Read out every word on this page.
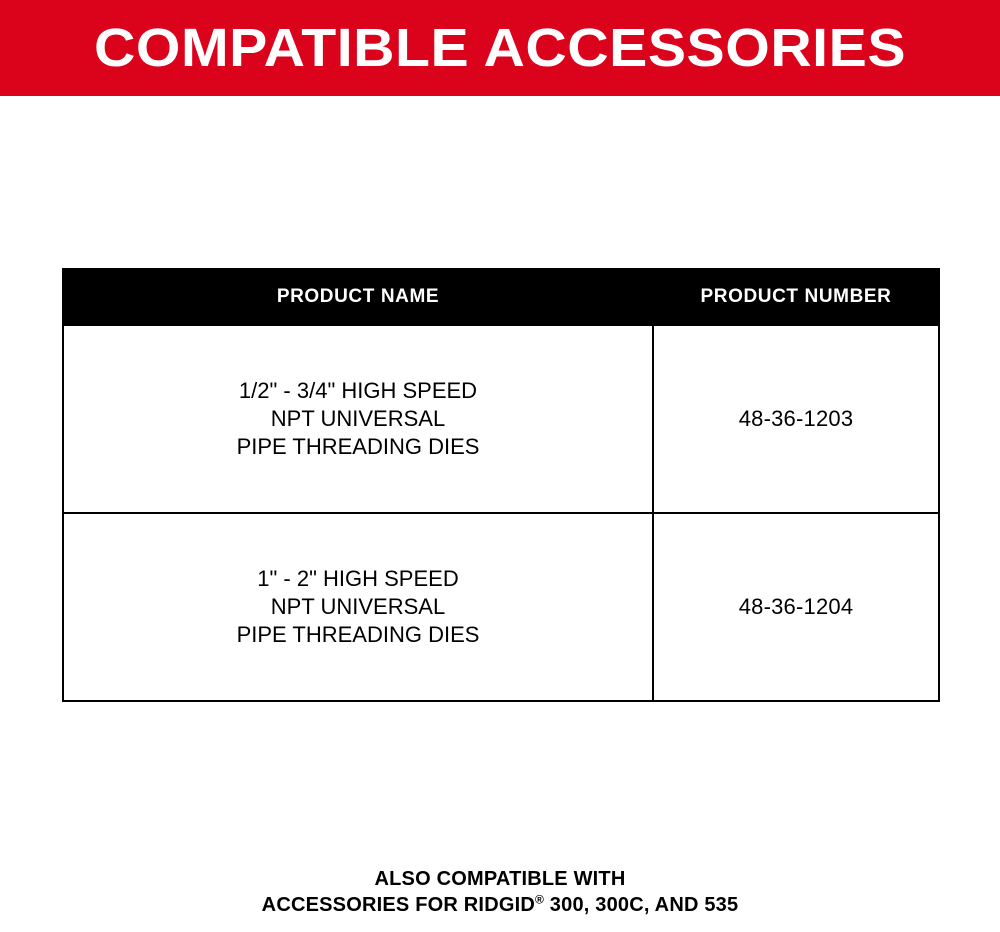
COMPATIBLE ACCESSORIES
PRODUCT NAME	PRODUCT NUMBER

1/2" - 3/4" HIGH SPEED
NPT UNIVERSAL
PIPE THREADING DIES	48-36-1203

1" - 2" HIGH SPEED
NPT UNIVERSAL
PIPE THREADING DIES	48-36-1204
ALSO COMPATIBLE WITH
ACCESSORIES FOR RIDGID® 300, 300C, AND 535
